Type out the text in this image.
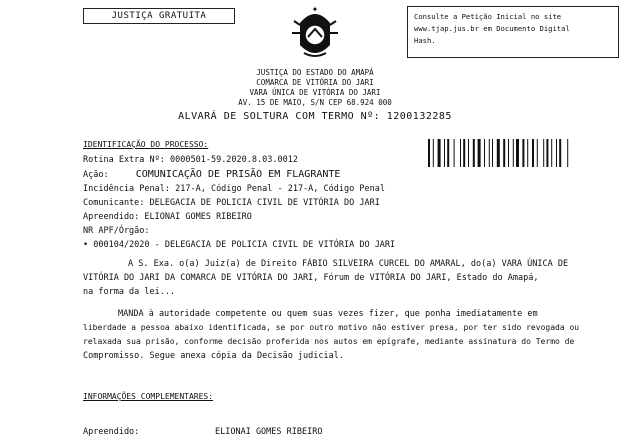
JUSTIÇA GRATUITA
✦
Consulte a Petição Inicial no site
www.tjap.jus.br em Documento Digital
Hash.
JUSTIÇA DO ESTADO DO AMAPÁ
COMARCA DE VITÓRIA DO JARI
VARA ÚNICA DE VITÓRIA DO JARI
AV. 15 DE MAIO, S/N CEP 68.924 000
ALVARÁ DE SOLTURA COM TERMO Nº: 1200132285
IDENTIFICAÇÃO DO PROCESSO:
Rotina Extra Nº: 0000501-59.2020.8.03.0012
Ação:	COMUNICAÇÃO DE PRISÃO EM FLAGRANTE
Incidência Penal: 217-A, Código Penal - 217-A, Código Penal
Comunicante: DELEGACIA DE POLICIA CIVIL DE VITÓRIA DO JARI
Apreendido: ELIONAI GOMES RIBEIRO
NR APF/Órgão:
• 000104/2020 - DELEGACIA DE POLICIA CIVIL DE VITÓRIA DO JARI
A S. Exa. o(a) Juiz(a) de Direito FÁBIO SILVEIRA CURCEL DO AMARAL, do(a) VARA ÚNICA DE
VITÓRIA DO JARI DA COMARCA DE VITÓRIA DO JARI, Fórum de VITÓRIA DO JARI, Estado do Amapá,
na forma da lei...
MANDA à autoridade competente ou quem suas vezes fizer, que ponha imediatamente em
liberdade a pessoa abaixo identificada, se por outro motivo não estiver presa, por ter sido revogada ou
relaxada sua prisão, conforme decisão proferida nos autos em epígrafe, mediante assinatura do Termo de
Compromisso. Segue anexa cópia da Decisão judicial.
INFORMAÇÕES COMPLEMENTARES:
Apreendido:	ELIONAI GOMES RIBEIRO
